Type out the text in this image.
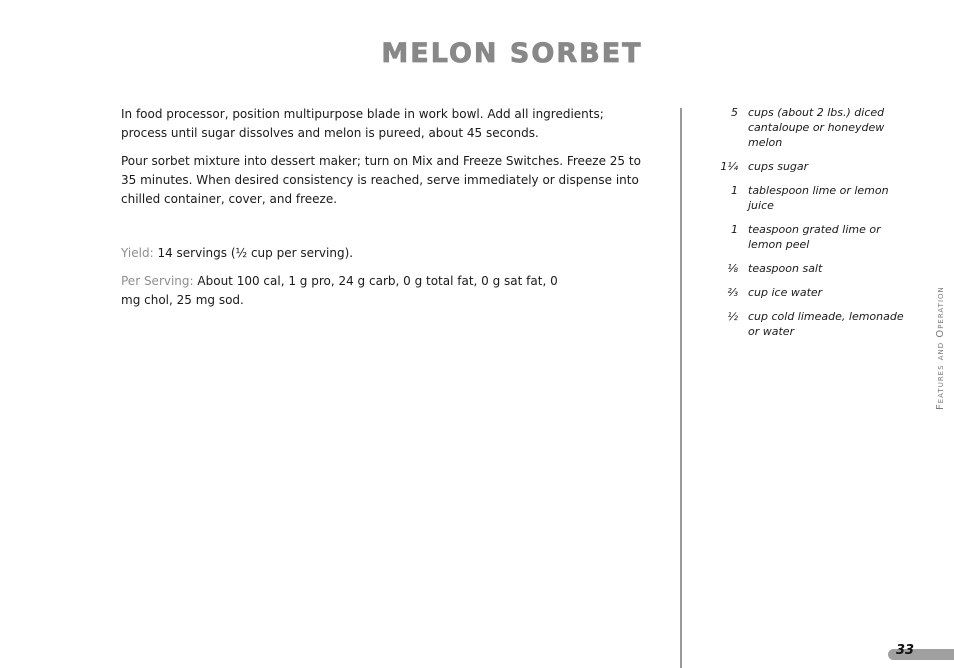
MELON SORBET

In food processor, position multipurpose blade in work bowl. Add all ingredients; process until sugar dissolves and melon is pureed, about 45 seconds.

Pour sorbet mixture into dessert maker; turn on Mix and Freeze Switches. Freeze 25 to 35 minutes. When desired consistency is reached, serve immediately or dispense into chilled container, cover, and freeze.

Yield: 14 servings (½ cup per serving).
Per Serving: About 100 cal, 1 g pro, 24 g carb, 0 g total fat, 0 g sat fat, 0 mg chol, 25 mg sod.
5 cups (about 2 lbs.) diced cantaloupe or honeydew melon
1¼ cups sugar
1 tablespoon lime or lemon juice
1 teaspoon grated lime or lemon peel
⅛ teaspoon salt
⅔ cup ice water
½ cup cold limeade, lemonade or water	Features and Operation
33
